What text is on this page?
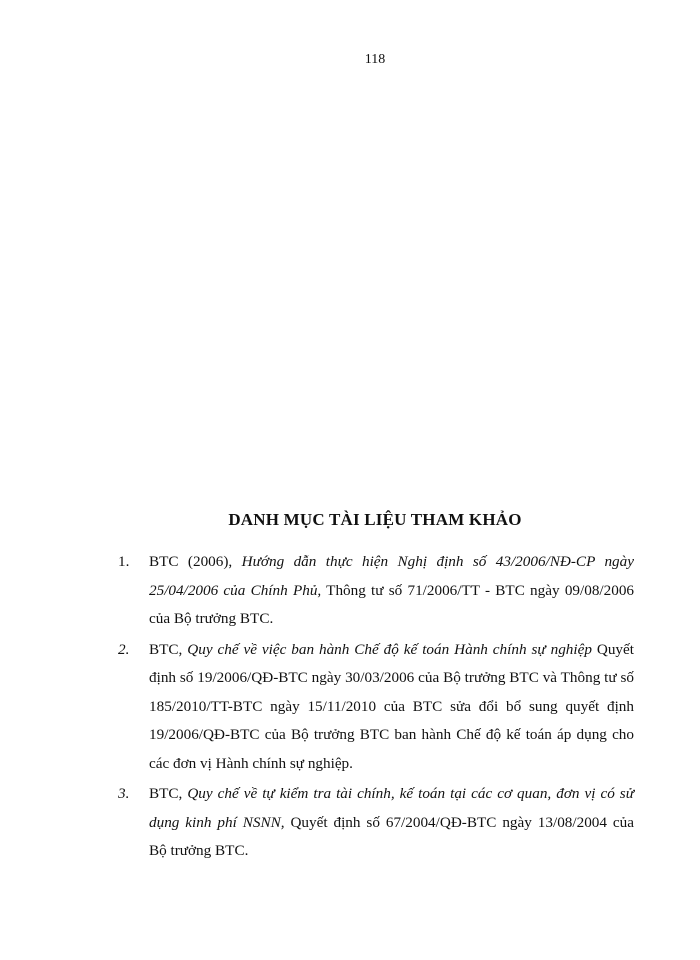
118
DANH MỤC TÀI LIỆU THAM KHẢO
1. BTC (2006), Hướng dẫn thực hiện Nghị định số 43/2006/NĐ-CP ngày 25/04/2006 của Chính Phủ, Thông tư số 71/2006/TT - BTC ngày 09/08/2006 của Bộ trưởng BTC.
2. BTC, Quy chế về việc ban hành Chế độ kế toán Hành chính sự nghiệp Quyết định số 19/2006/QĐ-BTC ngày 30/03/2006 của Bộ trưởng BTC và Thông tư số 185/2010/TT-BTC ngày 15/11/2010 của BTC sửa đổi bổ sung quyết định 19/2006/QĐ-BTC của Bộ trưởng BTC ban hành Chế độ kế toán áp dụng cho các đơn vị Hành chính sự nghiệp.
3. BTC, Quy chế về tự kiểm tra tài chính, kế toán tại các cơ quan, đơn vị có sử dụng kinh phí NSNN, Quyết định số 67/2004/QĐ-BTC ngày 13/08/2004 của Bộ trưởng BTC.
